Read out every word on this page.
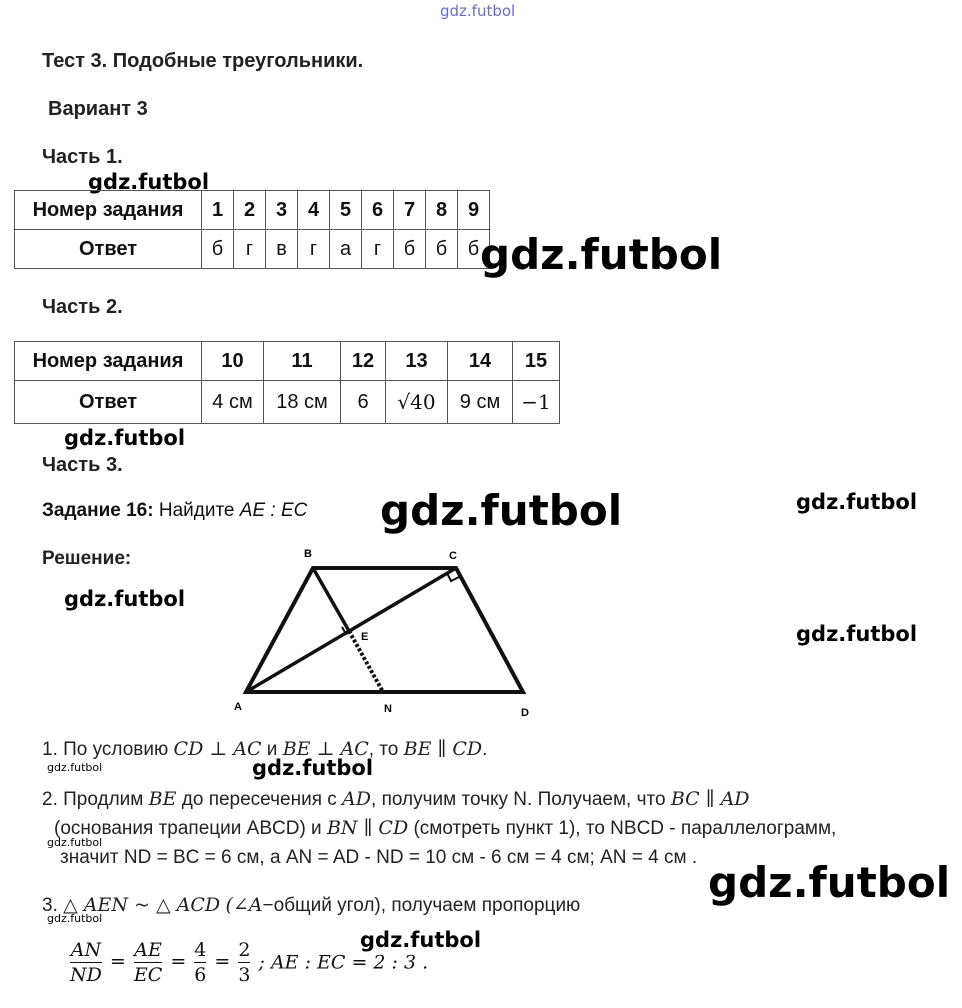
gdz.futbol
Тест 3. Подобные треугольники.
Вариант 3
Часть 1.
gdz.futbol
Номер задания	1	2	3	4	5	6	7	8	9
Ответ	б	г	в	г	а	г	б	б	б gdz.futbol
Часть 2.
Номер задания	10	11	12	13	14	15
Ответ	4 см	18 см	6	√40	9 см	−1
gdz.futbol
Часть 3.
Задание 16: Найдите AE : EC gdz.futbol	gdz.futbol
Решение:
gdz.futbol
gdz.futbol
B	C
A	D
E
N
1. По условию CD ⊥ AC и BE ⊥ AC, то BE ∥ CD.
gdz.futbol	gdz.futbol
2. Продлим BE до пересечения с AD, получим точку N. Получаем, что BC ∥ AD
(основания трапеции ABCD) и BN ∥ CD (смотреть пункт 1), то NBCD - параллелограмм,
gdz.futbol
значит ND = BC = 6 см, а AN = AD - ND = 10 см - 6 см = 4 см; AN = 4 см .
gdz.futbol
3. △ AEN ~ △ ACD (∠A−общий угол), получаем пропорцию
gdz.futbol
gdz.futbol
$\frac{AN}{ND} = \frac{AE}{EC} = \frac{4}{6} = \frac{2}{3}$ ; AE : EC = 2 : 3 .
